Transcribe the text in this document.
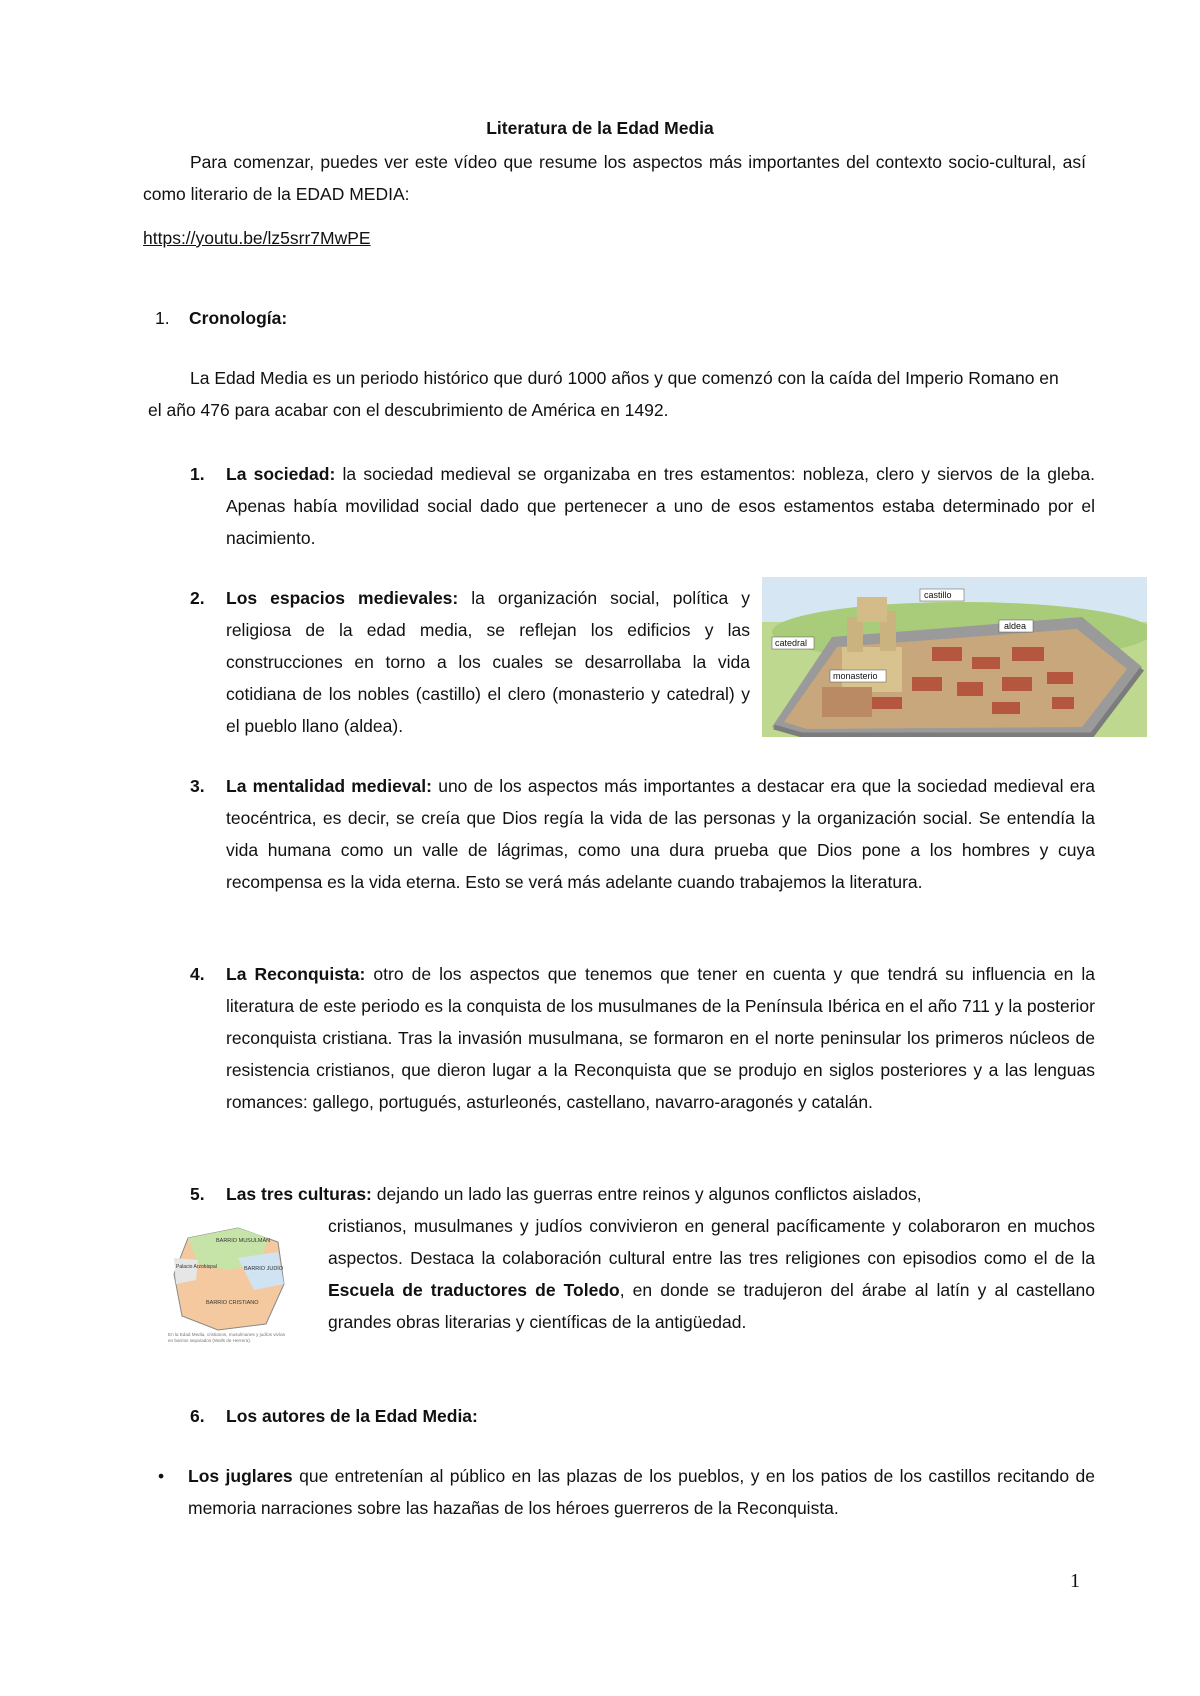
Literatura de la Edad Media
Para comenzar, puedes ver este vídeo que resume los aspectos más importantes del contexto socio-cultural, así como literario de la EDAD MEDIA:
https://youtu.be/lz5srr7MwPE
1. Cronología:
La Edad Media es un periodo histórico que duró 1000 años y que comenzó con la caída del Imperio Romano en el año 476 para acabar con el descubrimiento de América en 1492.
1. La sociedad: la sociedad medieval se organizaba en tres estamentos: nobleza, clero y siervos de la gleba. Apenas había movilidad social dado que pertenecer a uno de esos estamentos estaba determinado por el nacimiento.
2. Los espacios medievales: la organización social, política y religiosa de la edad media, se reflejan los edificios y las construcciones en torno a los cuales se desarrollaba la vida cotidiana de los nobles (castillo) el clero (monasterio y catedral) y el pueblo llano (aldea).
castillo
aldea
catedral
monasterio
3. La mentalidad medieval: uno de los aspectos más importantes a destacar era que la sociedad medieval era teocéntrica, es decir, se creía que Dios regía la vida de las personas y la organización social. Se entendía la vida humana como un valle de lágrimas, como una dura prueba que Dios pone a los hombres y cuya recompensa es la vida eterna. Esto se verá más adelante cuando trabajemos la literatura.
4. La Reconquista: otro de los aspectos que tenemos que tener en cuenta y que tendrá su influencia en la literatura de este periodo es la conquista de los musulmanes de la Península Ibérica en el año 711 y la posterior reconquista cristiana. Tras la invasión musulmana, se formaron en el norte peninsular los primeros núcleos de resistencia cristianos, que dieron lugar a la Reconquista que se produjo en siglos posteriores y a las lenguas romances: gallego, portugués, asturleonés, castellano, navarro-aragonés y catalán.
5. Las tres culturas: dejando un lado las guerras entre reinos y algunos conflictos aislados,
cristianos, musulmanes y judíos convivieron en general pacíficamente y colaboraron en muchos aspectos. Destaca la colaboración cultural entre las tres religiones con episodios como el de la Escuela de traductores de Toledo, en donde se tradujeron del árabe al latín y al castellano grandes obras literarias y científicas de la antigüedad.
BARRIO MUSULMÁN
Palacio Arzobispal	BARRIO JUDÍO
BARRIO CRISTIANO
En la Edad Media, cristianos, musulmanes y judíos vivían en barrios separados (Walls de Herrera).
6. Los autores de la Edad Media:
• Los juglares que entretenían al público en las plazas de los pueblos, y en los patios de los castillos recitando de memoria narraciones sobre las hazañas de los héroes guerreros de la Reconquista.
1
